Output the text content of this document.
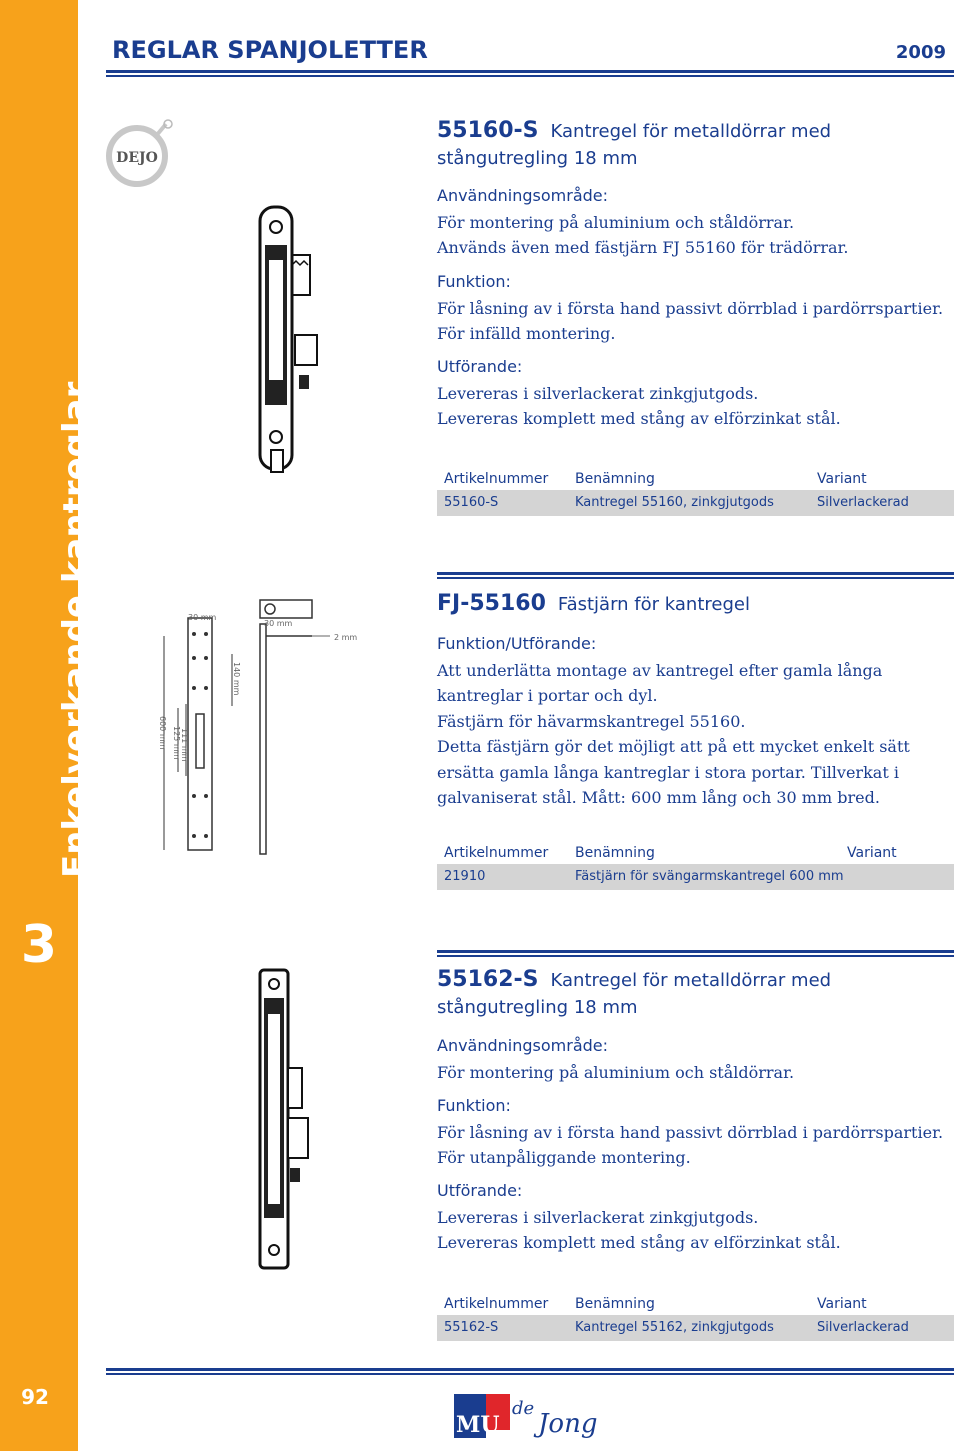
Enkelverkande kantreglar
3
92
REGLAR SPANJOLETTER	2009
DEJO
55160-S Kantregel för metalldörrar med
stångutregling 18 mm
Användningsområde:
För montering på aluminium och ståldörrar.
Används även med fästjärn FJ 55160 för trädörrar.
Funktion:
För låsning av i första hand passivt dörrblad i pardörrspartier.
För infälld montering.
Utförande:
Levereras i silverlackerat zinkgjutgods.
Levereras komplett med stång av elförzinkat stål.
Artikelnummer Benämning	Variant
55160-S	Kantregel 55160, zinkgjutgods	Silverlackerad
FJ-55160 Fästjärn för kantregel
Funktion/Utförande:
Att underlätta montage av kantregel efter gamla långa
kantreglar i portar och dyl.
Fästjärn för hävarmskantregel 55160.
Detta fästjärn gör det möjligt att på ett mycket enkelt sätt
ersätta gamla långa kantreglar i stora portar. Tillverkat i
galvaniserat stål. Mått: 600 mm lång och 30 mm bred.
Artikelnummer Benämning	Variant
21910	Fästjärn för svängarmskantregel 600 mm
30 mm
600 mm 125 mm 111 mm
140 mm
30 mm
2 mm
55162-S Kantregel för metalldörrar med
stångutregling 18 mm
Användningsområde:
För montering på aluminium och ståldörrar.
Funktion:
För låsning av i första hand passivt dörrblad i pardörrspartier.
För utanpåliggande montering.
Utförande:
Levereras i silverlackerat zinkgjutgods.
Levereras komplett med stång av elförzinkat stål.
Artikelnummer Benämning	Variant
55162-S	Kantregel 55162, zinkgjutgods	Silverlackerad
MU
de
Jong
